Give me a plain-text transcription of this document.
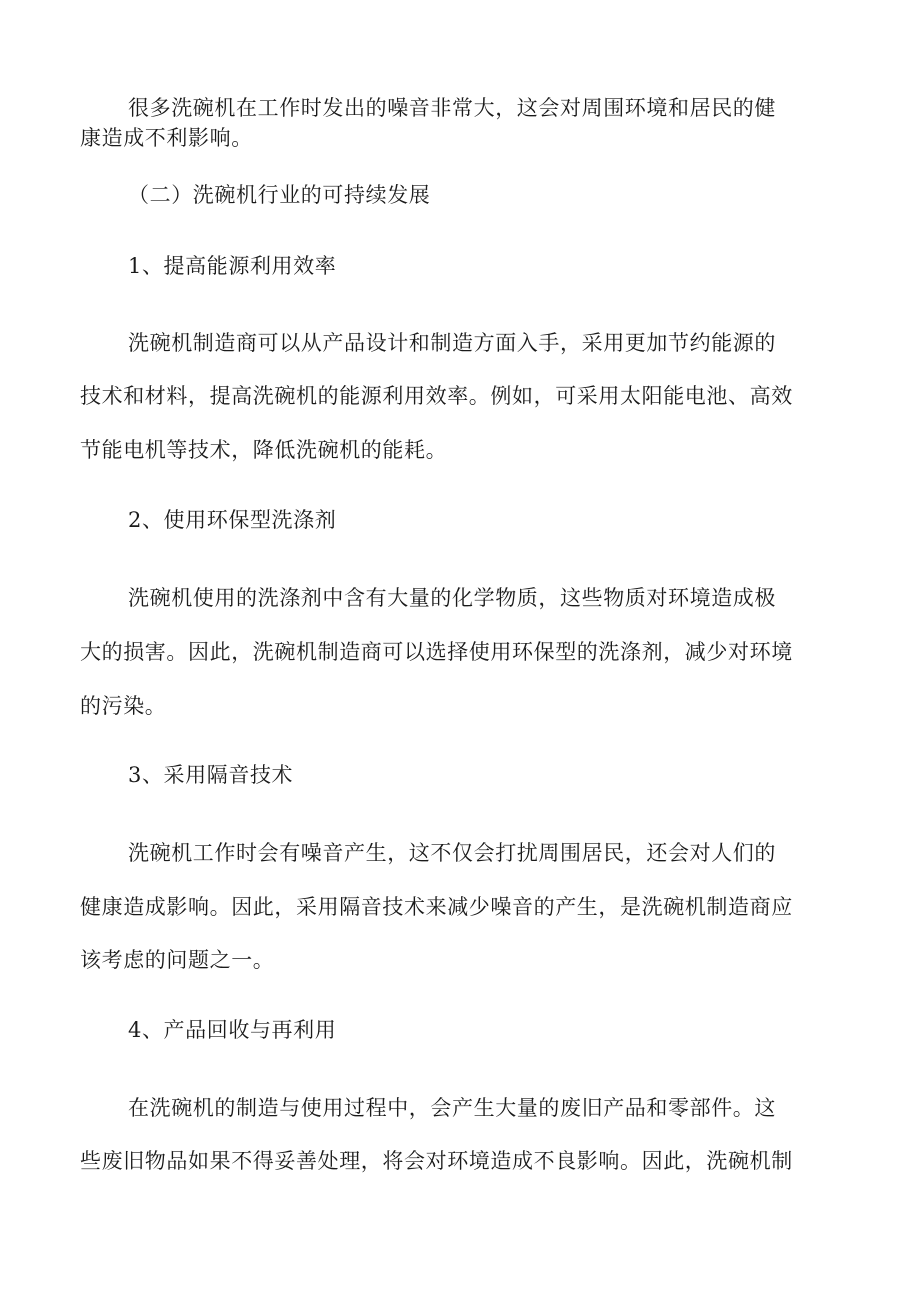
很多洗碗机在工作时发出的噪音非常大，这会对周围环境和居民的健
康造成不利影响。
（二）洗碗机行业的可持续发展
1、提高能源利用效率
洗碗机制造商可以从产品设计和制造方面入手，采用更加节约能源的
技术和材料，提高洗碗机的能源利用效率。例如，可采用太阳能电池、高效
节能电机等技术，降低洗碗机的能耗。
2、使用环保型洗涤剂
洗碗机使用的洗涤剂中含有大量的化学物质，这些物质对环境造成极
大的损害。因此，洗碗机制造商可以选择使用环保型的洗涤剂，减少对环境
的污染。
3、采用隔音技术
洗碗机工作时会有噪音产生，这不仅会打扰周围居民，还会对人们的
健康造成影响。因此，采用隔音技术来减少噪音的产生，是洗碗机制造商应
该考虑的问题之一。
4、产品回收与再利用
在洗碗机的制造与使用过程中，会产生大量的废旧产品和零部件。这
些废旧物品如果不得妥善处理，将会对环境造成不良影响。因此，洗碗机制
